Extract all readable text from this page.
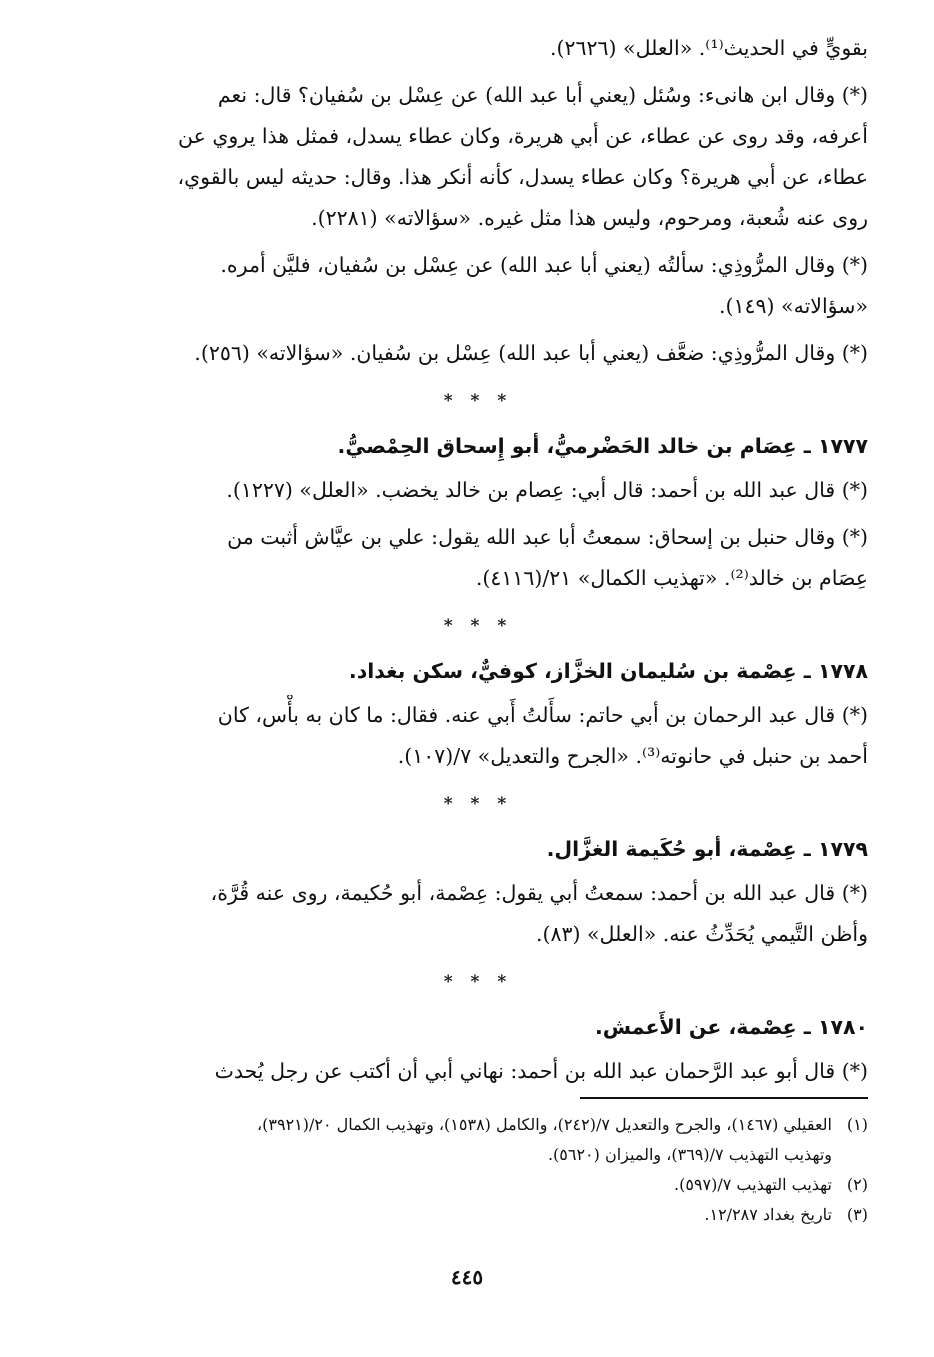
بقويٍّ في الحديث⁽¹⁾. «العلل» (٢٦٢٦).

(*) وقال ابن هانىء: وسُئل (يعني أبا عبد الله) عن عِسْل بن سُفيان؟ قال: نعم
أعرفه، وقد روى عن عطاء، عن أبي هريرة، وكان عطاء يسدل، فمثل هذا يروي عن
عطاء، عن أبي هريرة؟ وكان عطاء يسدل، كأنه أنكر هذا. وقال: حديثه ليس بالقوي،
روى عنه شُعبة، ومرحوم، وليس هذا مثل غيره. «سؤالاته» (٢٢٨١).

(*) وقال المرُّوذِي: سألتُه (يعني أبا عبد الله) عن عِسْل بن سُفيان، فليَّن أمره.
«سؤالاته» (١٤٩).

(*) وقال المرُّوذِي: ضعَّف (يعني أبا عبد الله) عِسْل بن سُفيان. «سؤالاته» (٢٥٦).

* * *
١٧٧٧ ـ عِصَام بن خالد الحَضْرميُّ، أبو إِسحاق الحِمْصيُّ.

(*) قال عبد الله بن أحمد: قال أبي: عِصام بن خالد يخضب. «العلل» (١٢٢٧).

(*) وقال حنبل بن إسحاق: سمعتُ أبا عبد الله يقول: علي بن عيَّاش أثبت من
عِصَام بن خالد⁽²⁾. «تهذيب الكمال» ٢١/(٤١١٦).

* * *
١٧٧٨ ـ عِصْمة بن سُليمان الخزَّاز، كوفيٌّ، سكن بغداد.

(*) قال عبد الرحمان بن أبي حاتم: سأَلتُ أَبي عنه. فقال: ما كان به بأْس، كان
أحمد بن حنبل في حانوته⁽³⁾. «الجرح والتعديل» ٧/(١٠٧).

* * *
١٧٧٩ ـ عِصْمة، أبو حُكَيمة الغزَّال.

(*) قال عبد الله بن أحمد: سمعتُ أبي يقول: عِصْمة، أبو حُكيمة، روى عنه قُرَّة،
وأظن التَّيمي يُحَدِّثُ عنه. «العلل» (٨٣).

* * *
١٧٨٠ ـ عِصْمة، عن الأَعمش.

(*) قال أبو عبد الرَّحمان عبد الله بن أحمد: نهاني أبي أن أكتب عن رجل يُحدث

(١)
العقيلي (١٤٦٧)، والجرح والتعديل ٧/(٢٤٢)، والكامل (١٥٣٨)، وتهذيب الكمال ٢٠/(٣٩٢١)،
وتهذيب التهذيب ٧/(٣٦٩)، والميزان (٥٦٢٠).
(٢)
تهذيب التهذيب ٧/(٥٩٧).
(٣)
تاريخ بغداد ١٢/٢٨٧.
٤٤٥
